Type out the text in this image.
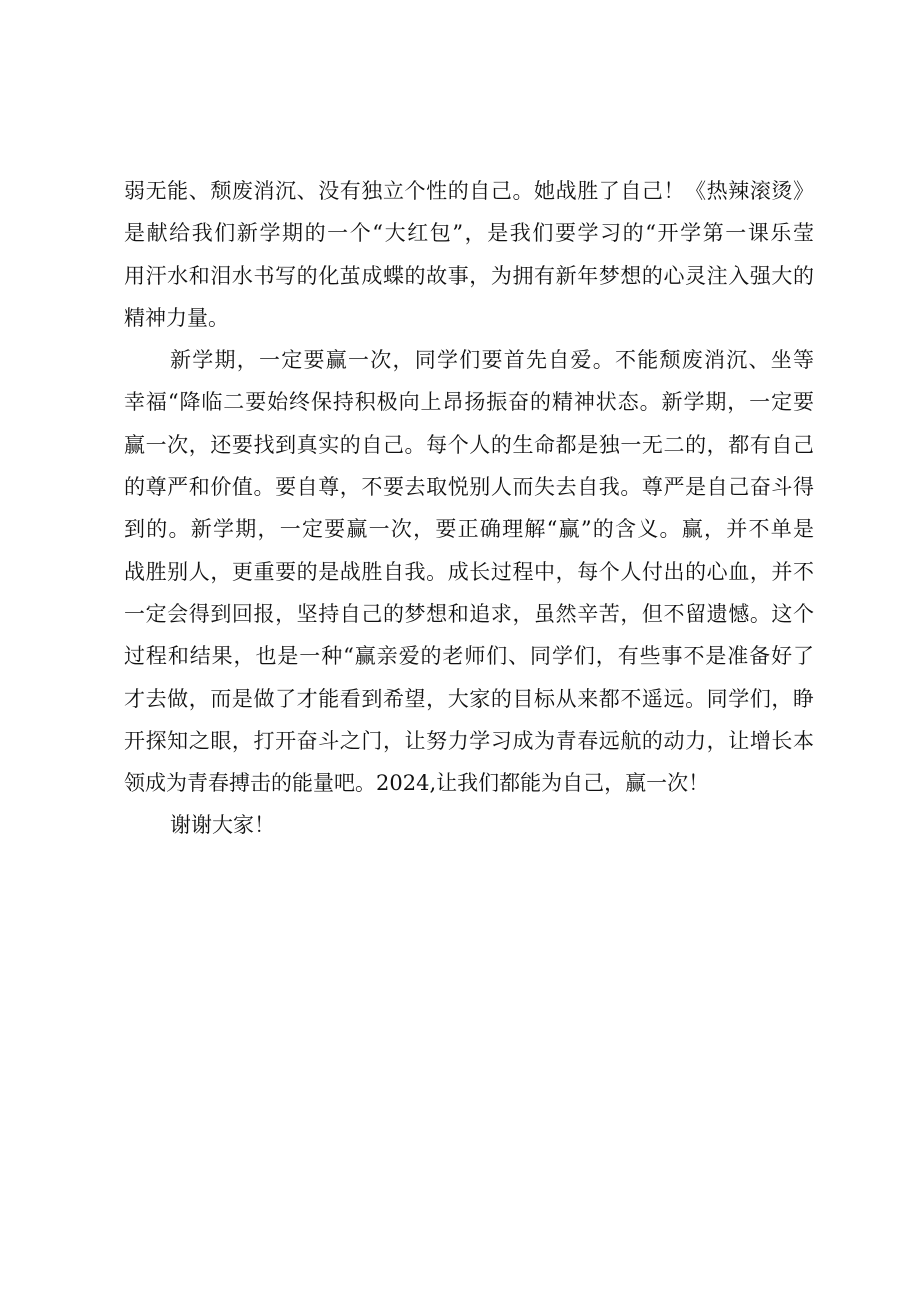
弱无能、颓废消沉、没有独立个性的自己。她战胜了自己！《热辣滚烫》
是献给我们新学期的一个“大红包”，是我们要学习的“开学第一课乐莹
用汗水和泪水书写的化茧成蝶的故事，为拥有新年梦想的心灵注入强大的
精神力量。
新学期，一定要赢一次，同学们要首先自爱。不能颓废消沉、坐等
幸福“降临二要始终保持积极向上昂扬振奋的精神状态。新学期，一定要
赢一次，还要找到真实的自己。每个人的生命都是独一无二的，都有自己
的尊严和价值。要自尊，不要去取悦别人而失去自我。尊严是自己奋斗得
到的。新学期，一定要赢一次，要正确理解“赢”的含义。赢，并不单是
战胜别人，更重要的是战胜自我。成长过程中，每个人付出的心血，并不
一定会得到回报，坚持自己的梦想和追求，虽然辛苦，但不留遗憾。这个
过程和结果，也是一种“赢亲爱的老师们、同学们，有些事不是准备好了
才去做，而是做了才能看到希望，大家的目标从来都不遥远。同学们，睁
开探知之眼，打开奋斗之门，让努力学习成为青春远航的动力，让增长本
领成为青春搏击的能量吧。2024,让我们都能为自己，赢一次！
谢谢大家！
